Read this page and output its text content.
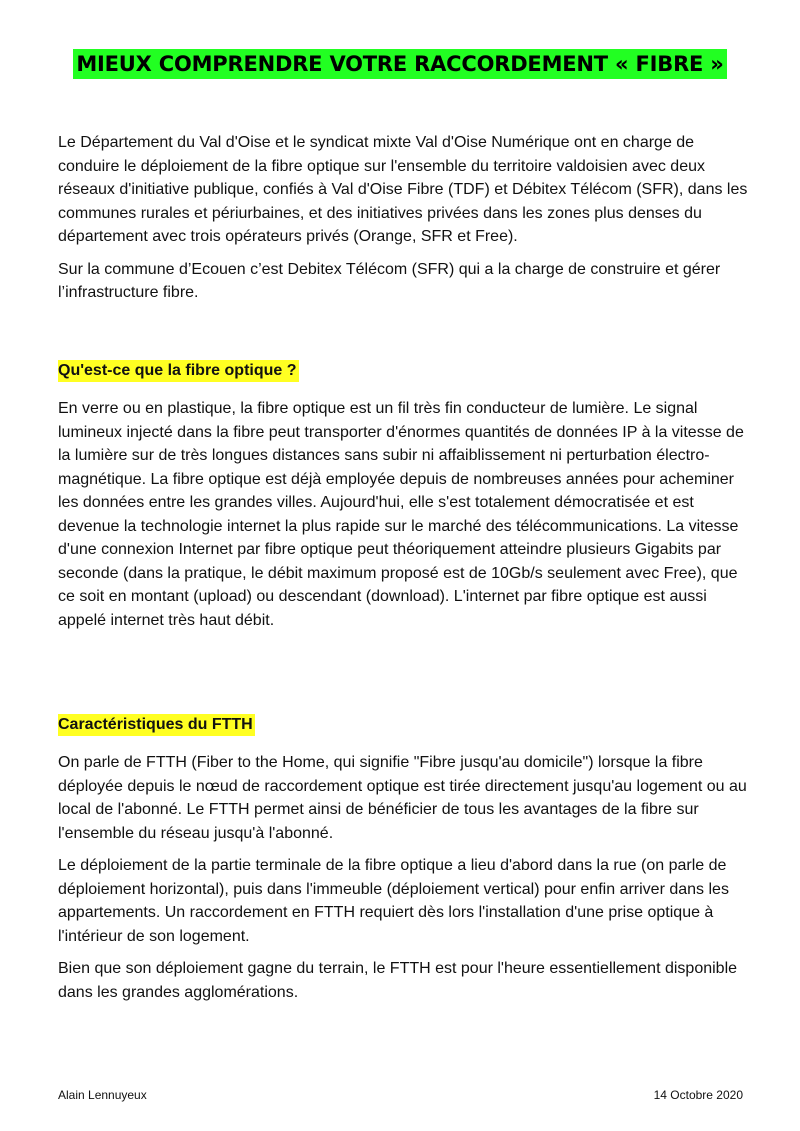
MIEUX COMPRENDRE VOTRE RACCORDEMENT « FIBRE »

Le Département du Val d'Oise et le syndicat mixte Val d'Oise Numérique ont en charge de conduire le déploiement de la fibre optique sur l'ensemble du territoire valdoisien avec deux réseaux d'initiative publique, confiés à Val d'Oise Fibre (TDF) et Débitex Télécom (SFR), dans les communes rurales et périurbaines, et des initiatives privées dans les zones plus denses du département avec trois opérateurs privés (Orange, SFR et Free).

Sur la commune d’Ecouen c’est Debitex Télécom (SFR) qui a la charge de construire et gérer l’infrastructure fibre.

Qu'est-ce que la fibre optique ?

En verre ou en plastique, la fibre optique est un fil très fin conducteur de lumière. Le signal lumineux injecté dans la fibre peut transporter d'énormes quantités de données IP à la vitesse de la lumière sur de très longues distances sans subir ni affaiblissement ni perturbation électro-magnétique. La fibre optique est déjà employée depuis de nombreuses années pour acheminer les données entre les grandes villes. Aujourd'hui, elle s'est totalement démocratisée et est devenue la technologie internet la plus rapide sur le marché des télécommunications. La vitesse d'une connexion Internet par fibre optique peut théoriquement atteindre plusieurs Gigabits par seconde (dans la pratique, le débit maximum proposé est de 10Gb/s seulement avec Free), que ce soit en montant (upload) ou descendant (download). L'internet par fibre optique est aussi appelé internet très haut débit.

Caractéristiques du FTTH

On parle de FTTH (Fiber to the Home, qui signifie "Fibre jusqu'au domicile") lorsque la fibre déployée depuis le nœud de raccordement optique est tirée directement jusqu'au logement ou au local de l'abonné. Le FTTH permet ainsi de bénéficier de tous les avantages de la fibre sur l'ensemble du réseau jusqu'à l'abonné.

Le déploiement de la partie terminale de la fibre optique a lieu d'abord dans la rue (on parle de déploiement horizontal), puis dans l'immeuble (déploiement vertical) pour enfin arriver dans les appartements. Un raccordement en FTTH requiert dès lors l'installation d'une prise optique à l'intérieur de son logement.

Bien que son déploiement gagne du terrain, le FTTH est pour l'heure essentiellement disponible dans les grandes agglomérations.

Alain Lennuyeux	14 Octobre 2020
